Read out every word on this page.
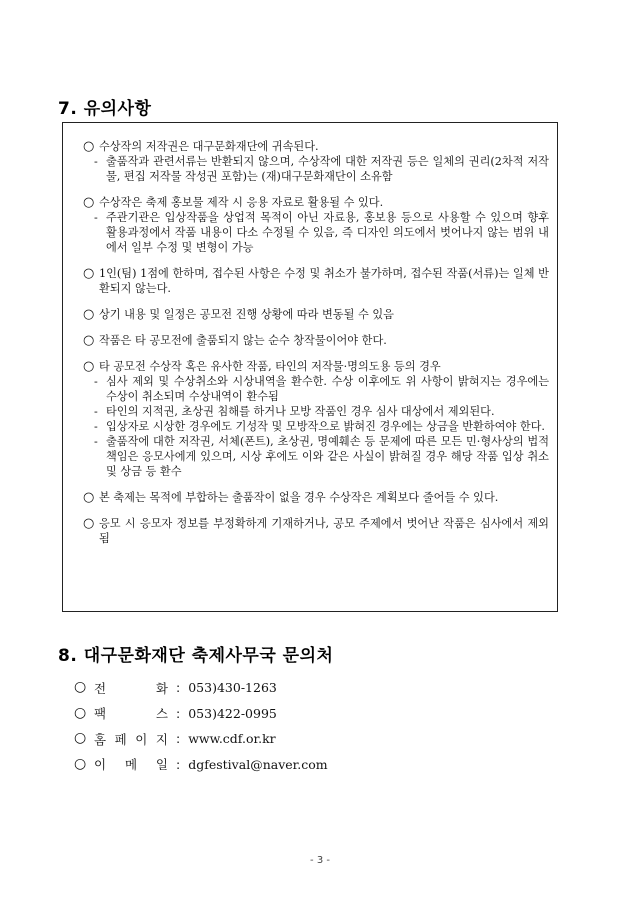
7. 유의사항
○ 수상작의 저작권은 대구문화재단에 귀속된다.
- 출품작과 관련서류는 반환되지 않으며, 수상작에 대한 저작권 등은 일체의 권리(2차적 저작물, 편집 저작물 작성권 포함)는 (재)대구문화재단이 소유함
○ 수상작은 축제 홍보물 제작 시 응용 자료로 활용될 수 있다.
- 주관기관은 입상작품을 상업적 목적이 아닌 자료용, 홍보용 등으로 사용할 수 있으며 향후 활용과정에서 작품 내용이 다소 수정될 수 있음, 즉 디자인 의도에서 벗어나지 않는 범위 내에서 일부 수정 및 변형이 가능
○ 1인(팀) 1점에 한하며, 접수된 사항은 수정 및 취소가 불가하며, 접수된 작품(서류)는 일체 반환되지 않는다.
○ 상기 내용 및 일정은 공모전 진행 상황에 따라 변동될 수 있음
○ 작품은 타 공모전에 출품되지 않는 순수 창작물이어야 한다.
○ 타 공모전 수상작 혹은 유사한 작품, 타인의 저작물·명의도용 등의 경우
- 심사 제외 및 수상취소와 시상내역을 환수한. 수상 이후에도 위 사항이 밝혀지는 경우에는 수상이 취소되며 수상내역이 환수됨
- 타인의 지적권, 초상권 침해를 하거나 모방 작품인 경우 심사 대상에서 제외된다.
- 입상자로 시상한 경우에도 기성작 및 모방작으로 밝혀진 경우에는 상금을 반환하여야 한다.
- 출품작에 대한 저작권, 서체(폰트), 초상권, 명예훼손 등 문제에 따른 모든 민·형사상의 법적 책임은 응모사에게 있으며, 시상 후에도 이와 같은 사실이 밝혀질 경우 해당 작품 입상 취소 및 상금 등 환수
○ 본 축제는 목적에 부합하는 출품작이 없을 경우 수상작은 계획보다 줄어들 수 있다.
○ 응모 시 응모자 정보를 부정확하게 기재하거나, 공모 주제에서 벗어난 작품은 심사에서 제외됨
8. 대구문화재단 축제사무국 문의처
○ 전	화 : 053)430-1263
○ 팩	스 : 053)422-0995
○ 홈 페 이 지 : www.cdf.or.kr
○ 이 메 일 : dgfestival@naver.com
- 3 -
